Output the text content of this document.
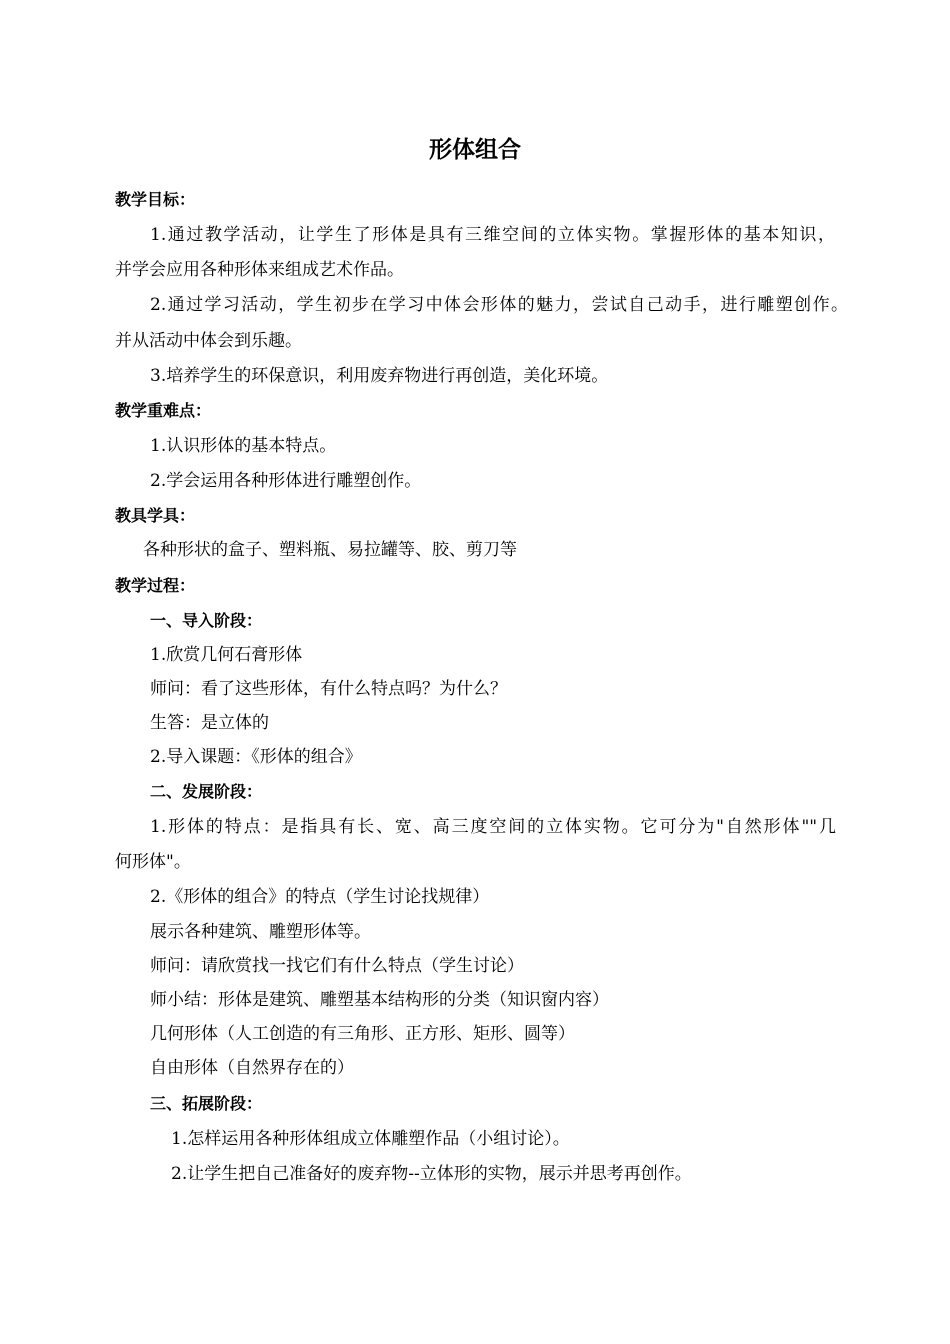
形体组合
教学目标：
1.通过教学活动，让学生了形体是具有三维空间的立体实物。掌握形体的基本知识，
并学会应用各种形体来组成艺术作品。
2.通过学习活动，学生初步在学习中体会形体的魅力，尝试自己动手，进行雕塑创作。
并从活动中体会到乐趣。
3.培养学生的环保意识，利用废弃物进行再创造，美化环境。
教学重难点：
1.认识形体的基本特点。
2.学会运用各种形体进行雕塑创作。
教具学具：
各种形状的盒子、塑料瓶、易拉罐等、胶、剪刀等
教学过程：
一、导入阶段：
1.欣赏几何石膏形体
师问：看了这些形体，有什么特点吗？为什么？
生答：是立体的
2.导入课题：《形体的组合》
二、发展阶段：
1.形体的特点：是指具有长、宽、高三度空间的立体实物。它可分为"自然形体""几
何形体"。
2.《形体的组合》的特点（学生讨论找规律）
展示各种建筑、雕塑形体等。
师问：请欣赏找一找它们有什么特点（学生讨论）
师小结：形体是建筑、雕塑基本结构形的分类（知识窗内容）
几何形体（人工创造的有三角形、正方形、矩形、圆等）
自由形体（自然界存在的）
三、拓展阶段：
1.怎样运用各种形体组成立体雕塑作品（小组讨论）。
2.让学生把自己准备好的废弃物--立体形的实物，展示并思考再创作。
